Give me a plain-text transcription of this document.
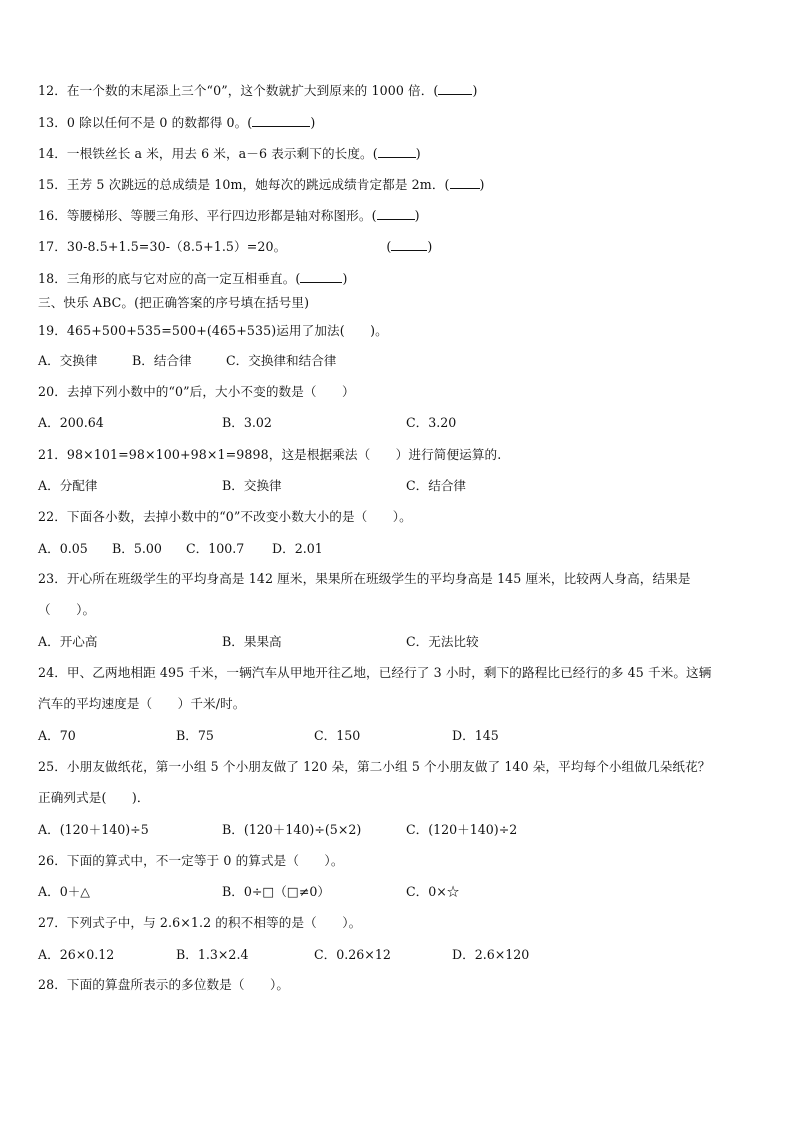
12．在一个数的末尾添上三个“0”，这个数就扩大到原来的 1000 倍．(	)
13．0 除以任何不是 0 的数都得 0。(	)
14．一根铁丝长 a 米，用去 6 米，a－6 表示剩下的长度。(	)
15．王芳 5 次跳远的总成绩是 10m，她每次的跳远成绩肯定都是 2m．( )
16．等腰梯形、等腰三角形、平行四边形都是轴对称图形。(	)
17．30-8.5+1.5=30-（8.5+1.5）=20。	(	)
18．三角形的底与它对应的高一定互相垂直。(	)
三、快乐 ABC。(把正确答案的序号填在括号里)
19．465+500+535=500+(465+535)运用了加法(　　)。
A．交换律	B．结合律	C．交换律和结合律
20．去掉下列小数中的“0”后，大小不变的数是（　　）
A．200.64	B．3.02	C．3.20
21．98×101=98×100+98×1=9898，这是根据乘法（　　）进行简便运算的.
A．分配律	B．交换律	C．结合律
22．下面各小数，去掉小数中的“0”不改变小数大小的是（　　）。
A．0.05 B．5.00 C．100.7 D．2.01
23．开心所在班级学生的平均身高是 142 厘米，果果所在班级学生的平均身高是 145 厘米，比较两人身高，结果是
（　　）。
A．开心高	B．果果高	C．无法比较
24．甲、乙两地相距 495 千米，一辆汽车从甲地开往乙地，已经行了 3 小时，剩下的路程比已经行的多 45 千米。这辆
汽车的平均速度是（　　）千米/时。
A．70	B．75	C．150	D．145
25．小朋友做纸花，第一小组 5 个小朋友做了 120 朵，第二小组 5 个小朋友做了 140 朵，平均每个小组做几朵纸花？
正确列式是(　　)．
A．(120＋140)÷5	B．(120＋140)÷(5×2)	C．(120＋140)÷2
26．下面的算式中，不一定等于 0 的算式是（　　）。
A．0＋△	B．0÷□（□≠0）	C．0×☆
27．下列式子中，与 2.6×1.2 的积不相等的是（　　）。
A．26×0.12	B．1.3×2.4	C．0.26×12	D．2.6×120
28．下面的算盘所表示的多位数是（　　）。
